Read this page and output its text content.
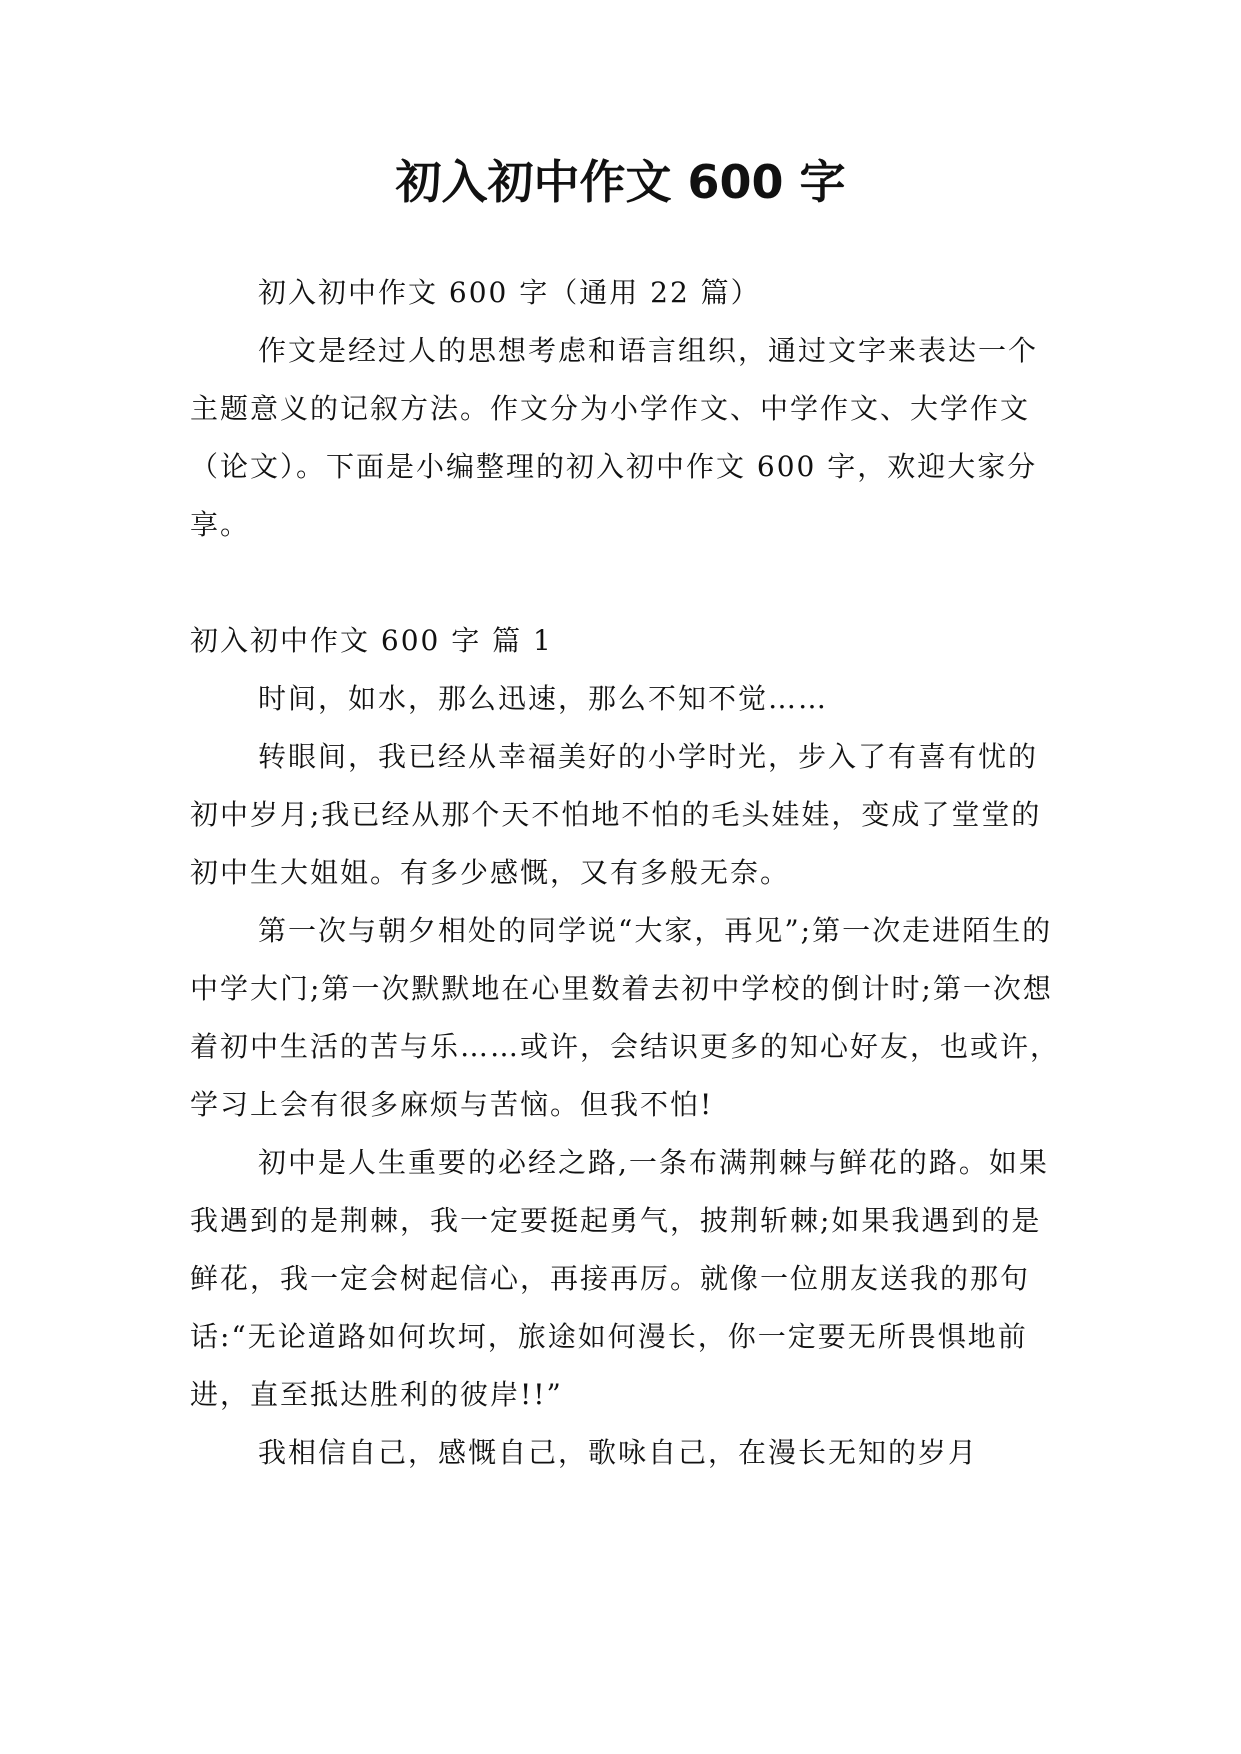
初入初中作文 600 字

初入初中作文 600 字（通用 22 篇）

作文是经过人的思想考虑和语言组织，通过文字来表达一个主题意义的记叙方法。作文分为小学作文、中学作文、大学作文（论文）。下面是小编整理的初入初中作文 600 字，欢迎大家分享。

初入初中作文 600 字 篇 1

时间，如水，那么迅速，那么不知不觉……

转眼间，我已经从幸福美好的小学时光，步入了有喜有忧的初中岁月;我已经从那个天不怕地不怕的毛头娃娃，变成了堂堂的初中生大姐姐。有多少感慨，又有多般无奈。

第一次与朝夕相处的同学说“大家，再见”;第一次走进陌生的中学大门;第一次默默地在心里数着去初中学校的倒计时;第一次想着初中生活的苦与乐……或许，会结识更多的知心好友，也或许，学习上会有很多麻烦与苦恼。但我不怕!

初中是人生重要的必经之路,一条布满荆棘与鲜花的路。如果我遇到的是荆棘，我一定要挺起勇气，披荆斩棘;如果我遇到的是鲜花，我一定会树起信心，再接再厉。就像一位朋友送我的那句话:“无论道路如何坎坷，旅途如何漫长，你一定要无所畏惧地前进，直至抵达胜利的彼岸!!”

我相信自己，感慨自己，歌咏自己，在漫长无知的岁月
